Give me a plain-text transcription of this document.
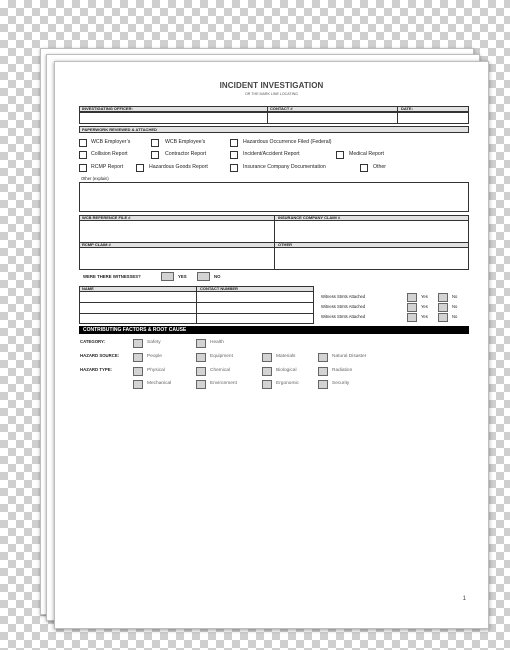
INCIDENT INVESTIGATION
OR THE MARK LINE LOCATING
INVESTIGATING OFFICER:	CONTACT #	DATE:
PAPERWORK REVIEWED & ATTACHED
WCB Employer’s	WCB Employee’s	Hazardous Occurrence Filed (Federal)
Collision Report	Contractor Report	Incident/Accident Report	Medical Report
RCMP Report	Hazardous Goods Report	Insurance Company Documentation	Other
Other (explain)
WCB REFERENCE FILE #	INSURANCE COMPANY CLAIM #
RCMP CLAIM #	OTHER
WERE THERE WITNESSES?	YES	NO
NAME	CONTACT NUMBER
Witness Stmts Attached	Yes	No
Witness Stmts Attached	Yes	No
Witness Stmts Attached	Yes	No
CONTRIBUTING FACTORS & ROOT CAUSE
CATEGORY:	Safety	Health
HAZARD SOURCE:	People	Equipment	Materials	Natural Disaster
HAZARD TYPE:	Physical	Chemical	Biological	Radiation
Mechanical	Environment	Ergonomic	Security
1
